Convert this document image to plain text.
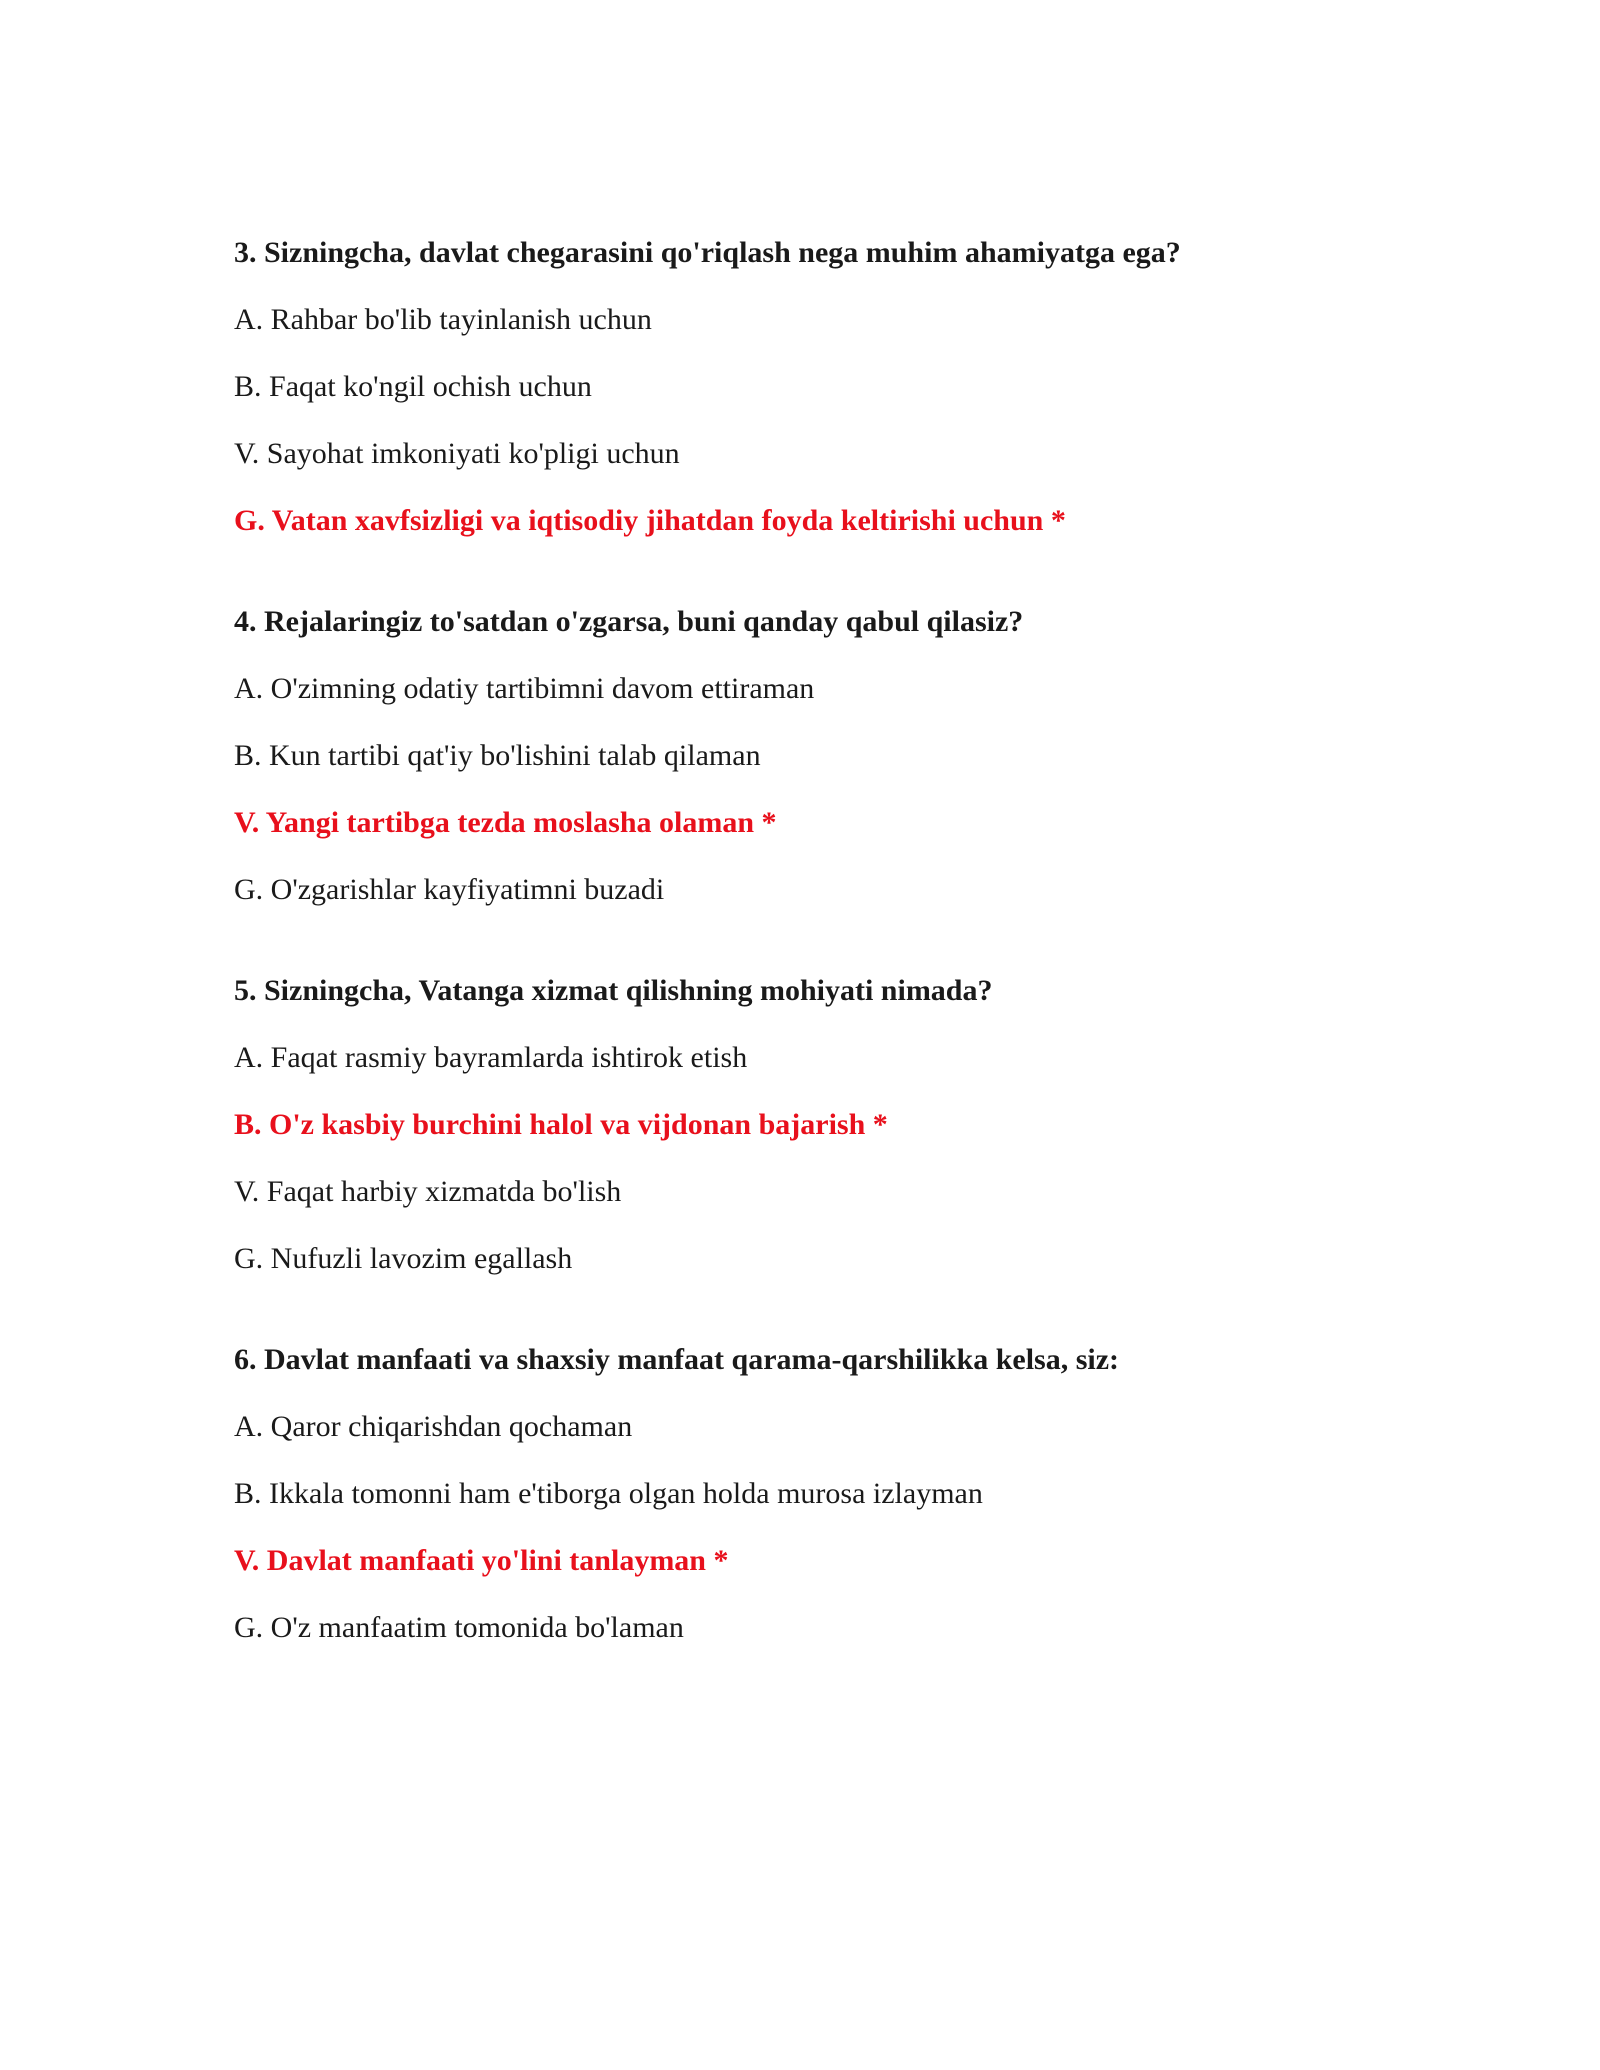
3. Sizningcha, davlat chegarasini qo'riqlash nega muhim ahamiyatga ega?
A. Rahbar bo'lib tayinlanish uchun
B. Faqat ko'ngil ochish uchun
V. Sayohat imkoniyati ko'pligi uchun
G. Vatan xavfsizligi va iqtisodiy jihatdan foyda keltirishi uchun *
4. Rejalaringiz to'satdan o'zgarsa, buni qanday qabul qilasiz?
A. O'zimning odatiy tartibimni davom ettiraman
B. Kun tartibi qat'iy bo'lishini talab qilaman
V. Yangi tartibga tezda moslasha olaman *
G. O'zgarishlar kayfiyatimni buzadi
5. Sizningcha, Vatanga xizmat qilishning mohiyati nimada?
A. Faqat rasmiy bayramlarda ishtirok etish
B. O'z kasbiy burchini halol va vijdonan bajarish *
V. Faqat harbiy xizmatda bo'lish
G. Nufuzli lavozim egallash
6. Davlat manfaati va shaxsiy manfaat qarama-qarshilikka kelsa, siz:
A. Qaror chiqarishdan qochaman
B. Ikkala tomonni ham e'tiborga olgan holda murosa izlayman
V. Davlat manfaati yo'lini tanlayman *
G. O'z manfaatim tomonida bo'laman
